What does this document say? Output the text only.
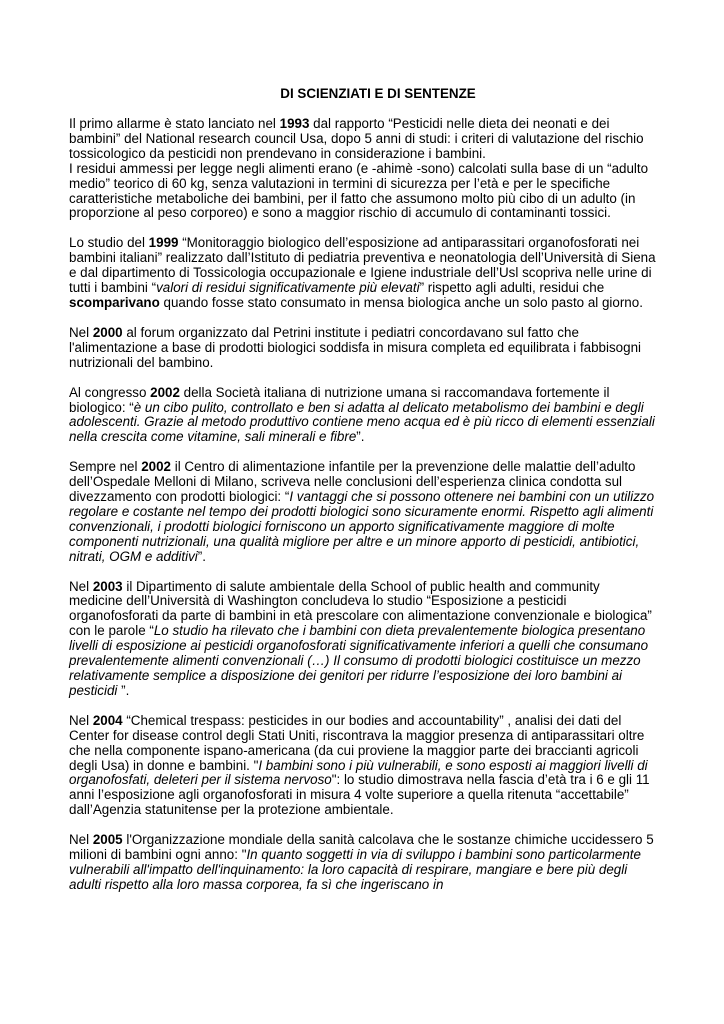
DI SCIENZIATI E DI SENTENZE

Il primo allarme è stato lanciato nel 1993 dal rapporto “Pesticidi nelle dieta dei neonati e dei bambini” del National research council Usa, dopo 5 anni di studi: i criteri di valutazione del rischio tossicologico da pesticidi non prendevano in considerazione i bambini.
I residui ammessi per legge negli alimenti erano (e -ahimè -sono) calcolati sulla base di un “adulto medio” teorico di 60 kg, senza valutazioni in termini di sicurezza per l’età e per le specifiche caratteristiche metaboliche dei bambini, per il fatto che assumono molto più cibo di un adulto (in proporzione al peso corporeo) e sono a maggior rischio di accumulo di contaminanti tossici.

Lo studio del 1999 “Monitoraggio biologico dell’esposizione ad antiparassitari organofosforati nei bambini italiani” realizzato dall’Istituto di pediatria preventiva e neonatologia dell’Università di Siena e dal dipartimento di Tossicologia occupazionale e Igiene industriale dell’Usl scopriva nelle urine di tutti i bambini “valori di residui significativamente più elevati” rispetto agli adulti, residui che scomparivano quando fosse stato consumato in mensa biologica anche un solo pasto al giorno.

Nel 2000 al forum organizzato dal Petrini institute i pediatri concordavano sul fatto che l'alimentazione a base di prodotti biologici soddisfa in misura completa ed equilibrata i fabbisogni nutrizionali del bambino.

Al congresso 2002 della Società italiana di nutrizione umana si raccomandava fortemente il biologico: “è un cibo pulito, controllato e ben si adatta al delicato metabolismo dei bambini e degli adolescenti. Grazie al metodo produttivo contiene meno acqua ed è più ricco di elementi essenziali nella crescita come vitamine, sali minerali e fibre”.

Sempre nel 2002 il Centro di alimentazione infantile per la prevenzione delle malattie dell’adulto dell’Ospedale Melloni di Milano, scriveva nelle conclusioni dell’esperienza clinica condotta sul divezzamento con prodotti biologici: “I vantaggi che si possono ottenere nei bambini con un utilizzo regolare e costante nel tempo dei prodotti biologici sono sicuramente enormi. Rispetto agli alimenti convenzionali, i prodotti biologici forniscono un apporto significativamente maggiore di molte componenti nutrizionali, una qualità migliore per altre e un minore apporto di pesticidi, antibiotici, nitrati, OGM e additivi”.

Nel 2003 il Dipartimento di salute ambientale della School of public health and community medicine dell’Università di Washington concludeva lo studio “Esposizione a pesticidi organofosforati da parte di bambini in età prescolare con alimentazione convenzionale e biologica” con le parole “Lo studio ha rilevato che i bambini con dieta prevalentemente biologica presentano livelli di esposizione ai pesticidi organofosforati significativamente inferiori a quelli che consumano prevalentemente alimenti convenzionali (…) Il consumo di prodotti biologici costituisce un mezzo relativamente semplice a disposizione dei genitori per ridurre l’esposizione dei loro bambini ai pesticidi ”.

Nel 2004 “Chemical trespass: pesticides in our bodies and accountability” , analisi dei dati del Center for disease control degli Stati Uniti, riscontrava la maggior presenza di antiparassitari oltre che nella componente ispano-americana (da cui proviene la maggior parte dei braccianti agricoli degli Usa) in donne e bambini. "I bambini sono i più vulnerabili, e sono esposti ai maggiori livelli di organofosfati, deleteri per il sistema nervoso": lo studio dimostrava nella fascia d’età tra i 6 e gli 11 anni l’esposizione agli organofosforati in misura 4 volte superiore a quella ritenuta “accettabile” dall’Agenzia statunitense per la protezione ambientale.

Nel 2005 l'Organizzazione mondiale della sanità calcolava che le sostanze chimiche uccidessero 5 milioni di bambini ogni anno: "In quanto soggetti in via di sviluppo i bambini sono particolarmente vulnerabili all'impatto dell'inquinamento: la loro capacità di respirare, mangiare e bere più degli adulti rispetto alla loro massa corporea, fa sì che ingeriscano in
